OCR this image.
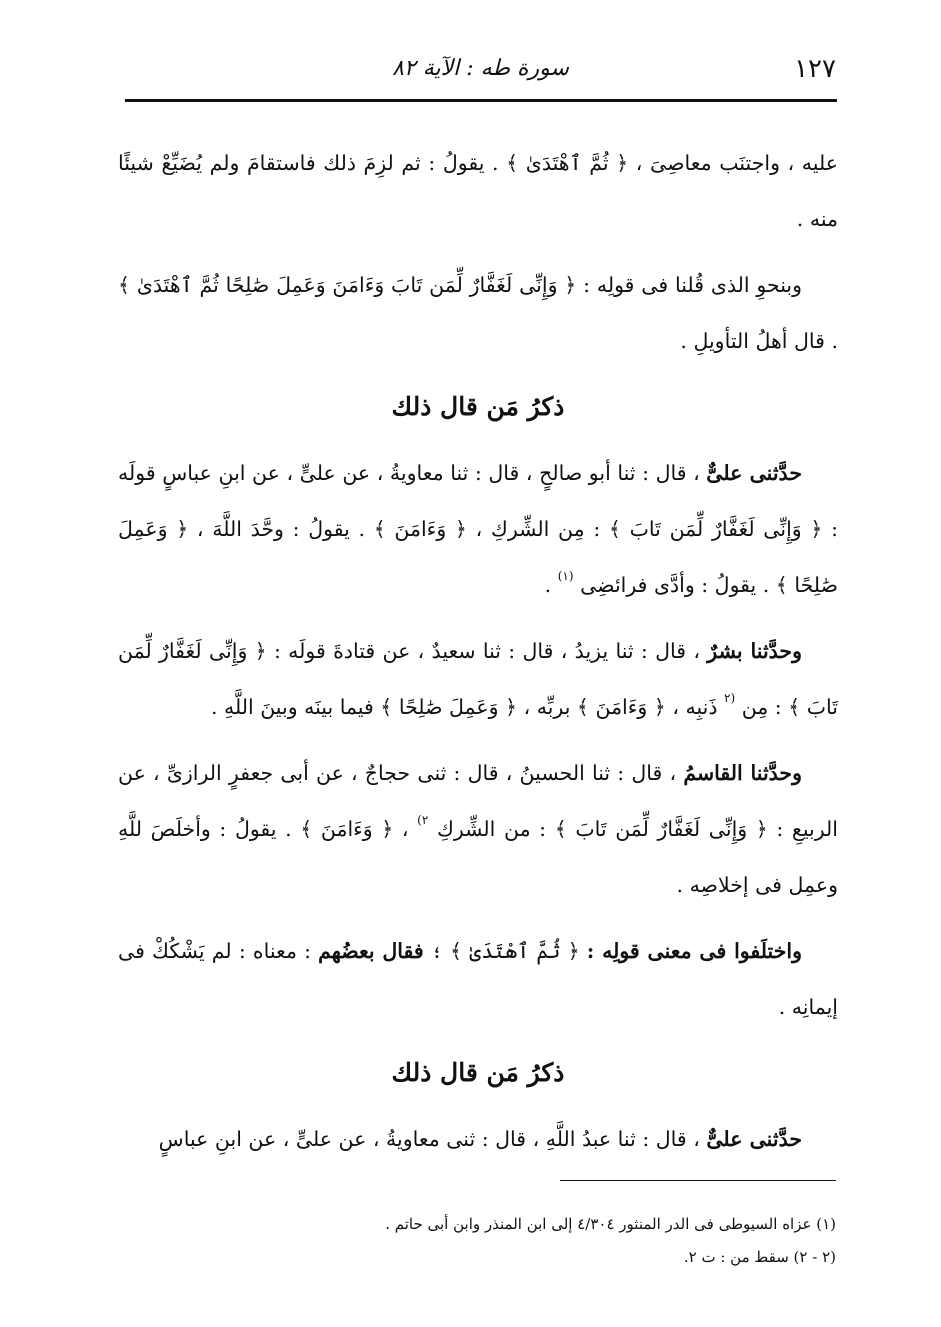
١٢٧
سورة طه : الآية ٨٢

عليه ، واجتنَب معاصِىَ ، ﴿ ثُمَّ ٱهْتَدَىٰ ﴾ . يقولُ : ثم لزِمَ ذلك فاستقامَ ولم يُضَيِّعْ شيئًا منه .

وبنحوِ الذى قُلنا فى قولِه : ﴿ وَإِنِّى لَغَفَّارٌ لِّمَن تَابَ وَءَامَنَ وَعَمِلَ صَٰلِحًا ثُمَّ ٱهْتَدَىٰ ﴾ . قال أهلُ التأويلِ .

ذكرُ مَن قال ذلك

حدَّثنى علىٌّ ، قال : ثنا أبو صالحٍ ، قال : ثنا معاويةُ ، عن علىٍّ ، عن ابنِ عباسٍ قولَه : ﴿ وَإِنِّى لَغَفَّارٌ لِّمَن تَابَ ﴾ : مِن الشِّركِ ، ﴿ وَءَامَنَ ﴾ . يقولُ : وحَّدَ اللَّهَ ، ﴿ وَعَمِلَ صَٰلِحًا ﴾ . يقولُ : وأدَّى فرائضِى $^{(١)}$ .

وحدَّثنا بشرٌ ، قال : ثنا يزيدُ ، قال : ثنا سعيدٌ ، عن قتادةَ قولَه : ﴿ وَإِنِّى لَغَفَّارٌ لِّمَن تَابَ ﴾ : مِن $^{(٢}$ ذَنبِه ، ﴿ وَءَامَنَ ﴾ بربِّه ، ﴿ وَعَمِلَ صَٰلِحًا ﴾ فيما بينَه وبينَ اللَّهِ .

وحدَّثنا القاسمُ ، قال : ثنا الحسينُ ، قال : ثنى حجاجٌ ، عن أبى جعفرٍ الرازىِّ ، عن الربيعِ : ﴿ وَإِنِّى لَغَفَّارٌ لِّمَن تَابَ ﴾ : من الشِّركِ $^{٢)}$ ، ﴿ وَءَامَنَ ﴾ . يقولُ : وأخلَصَ للَّهِ وعمِل فى إخلاصِه .

واختلَفوا فى معنى قولِه : ﴿ ثُمَّ ٱهْتَدَىٰ ﴾ ؛ فقال بعضُهم : معناه : لم يَشْكُكْ فى إيمانِه .

ذكرُ مَن قال ذلك

حدَّثنى علىٌّ ، قال : ثنا عبدُ اللَّهِ ، قال : ثنى معاويةُ ، عن علىٍّ ، عن ابنِ عباسٍ

(١) عزاه السيوطى فى الدر المنثور ٤/٣٠٤ إلى ابن المنذر وابن أبى حاتم .
(٢ - ٢) سقط من : ت ٢.
